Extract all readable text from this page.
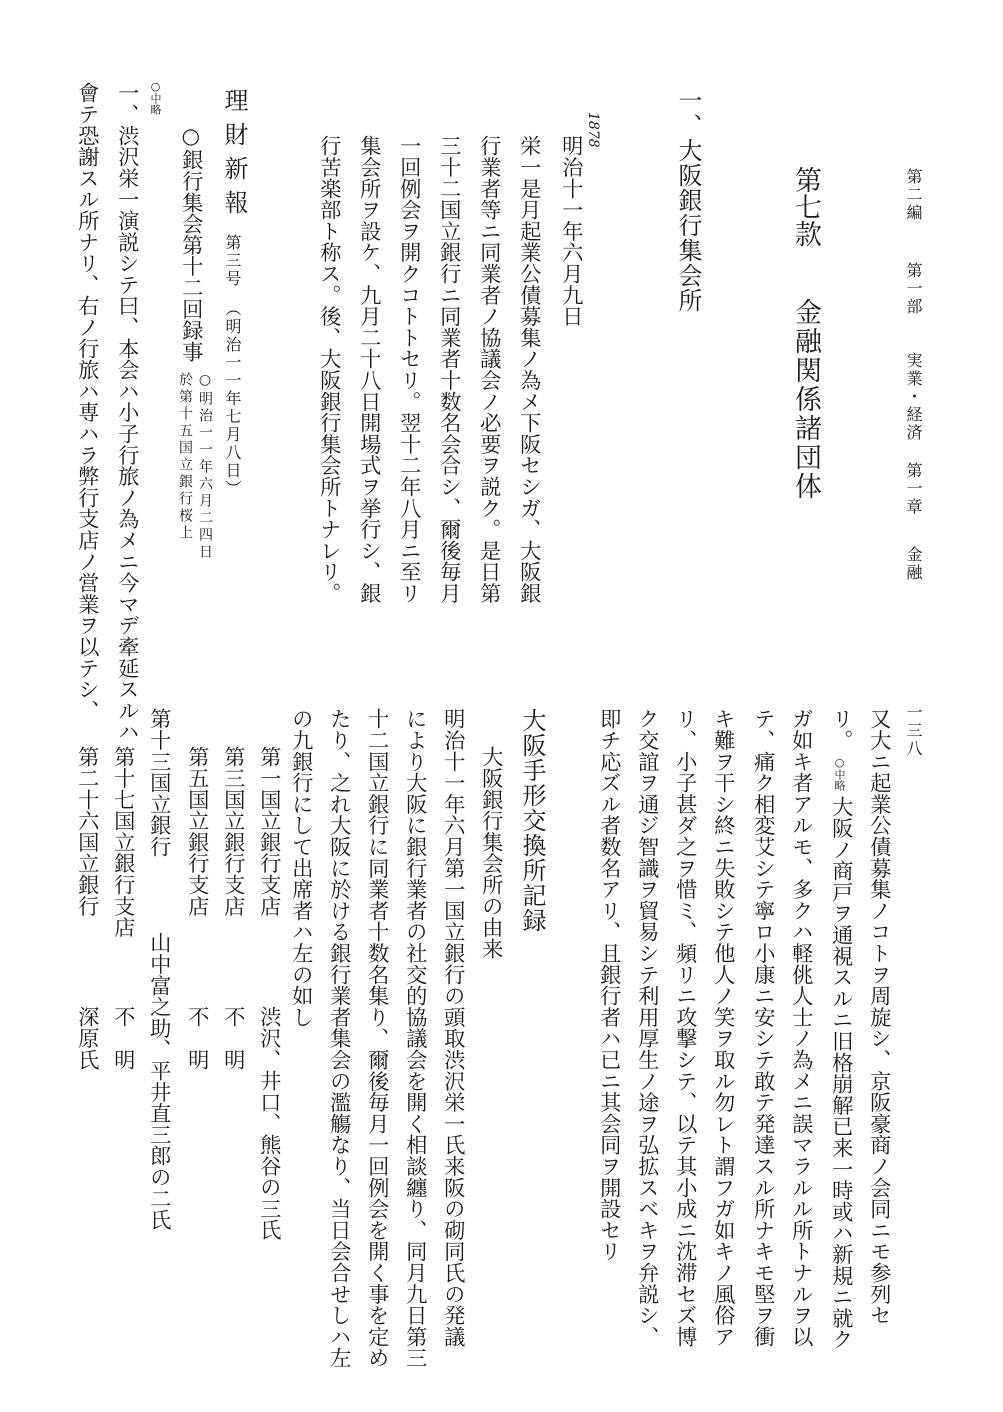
第二編
第一部
実業・経済
第一章
金融
一三八
第七款
金融関係諸団体
一、大阪銀行集会所
1878
明治十一年六月九日
栄一是月起業公債募集ノ為メ下阪セシガ、大阪銀
行業者等ニ同業者ノ協議会ノ必要ヲ説ク。是日第
三十二国立銀行ニ同業者十数名会合シ、爾後毎月
一回例会ヲ開クコトトセリ。翌十二年八月ニ至リ
集会所ヲ設ケ、九月二十八日開場式ヲ挙行シ、銀
行苦楽部ト称ス。後、大阪銀行集会所トナレリ。
理財新報
第三号
（明治一一年七月八日）
○銀行集会第十二回録事
○明治一一年六月二四日
於第十五国立銀行桜上
○中略
一、渋沢栄一演説シテ曰、本会ハ小子行旅ノ為メニ今マデ牽延スルハ
會テ恐謝スル所ナリ、右ノ行旅ハ専ハラ弊行支店ノ営業ヲ以テシ、
又大ニ起業公債募集ノコトヲ周旋シ、京阪豪商ノ会同ニモ参列セ
リ。
○中略
大阪ノ商戸ヲ通視スルニ旧格崩解已来一時或ハ新規ニ就ク
ガ如キ者アルモ、多クハ軽佻人士ノ為メニ誤マラルル所トナルヲ以
テ、痛ク相変艾シテ寧ロ小康ニ安シテ敢テ発達スル所ナキモ堅ヲ衝
キ難ヲ干シ終ニ失敗シテ他人ノ笑ヲ取ル勿レト謂フガ如キノ風俗ア
リ、小子甚ダ之ヲ惜ミ、頻リニ攻撃シテ、以テ其小成ニ沈滞セズ博
ク交誼ヲ通ジ智識ヲ貿易シテ利用厚生ノ途ヲ弘拡スベキヲ弁説シ、
即チ応ズル者数名アリ、且銀行者ハ已ニ其会同ヲ開設セリ
大阪手形交換所記録
大阪銀行集会所の由来
明治十一年六月第一国立銀行の頭取渋沢栄一氏来阪の砌同氏の発議
により大阪に銀行業者の社交的協議会を開く相談纏り、同月九日第三
十二国立銀行に同業者十数名集り、爾後毎月一回例会を開く事を定め
たり、之れ大阪に於ける銀行業者集会の濫觴なり、当日会合せしハ左
の九銀行にして出席者ハ左の如し
第一国立銀行支店
渋沢、井口、熊谷の三氏
第三国立銀行支店
不　明
第五国立銀行支店
不　明
第十三国立銀行
山中富之助、平井直三郎の二氏
第十七国立銀行支店
不　明
第二十六国立銀行
深原氏
